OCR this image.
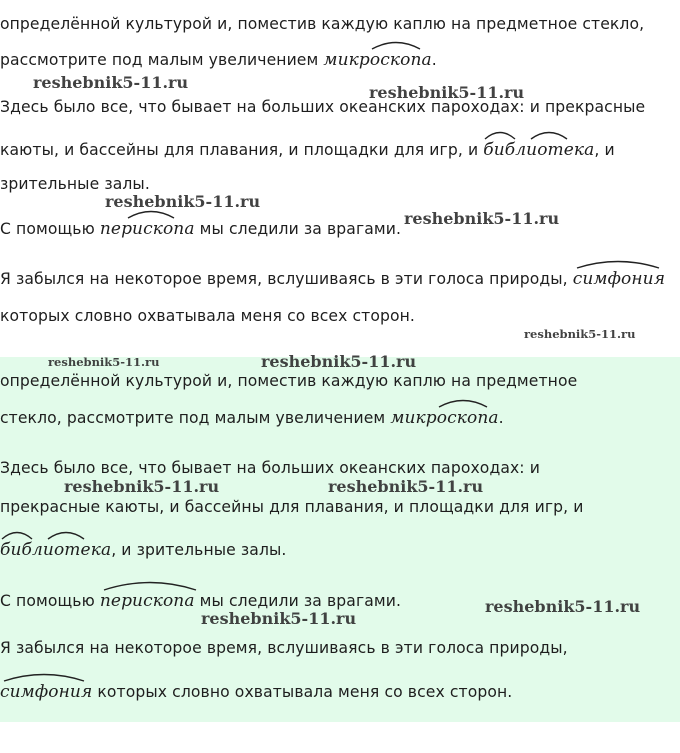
определённой культурой и, поместив каждую каплю на предметное стекло,

рассмотрите под малым увеличением микроскопа
.

Здесь было все, что бывает на больших океанских пароходах: и прекрасные

каюты, и бассейны для плавания, и площадки для игр, и библиотека
, и

зрительные залы.

С помощью перископа
мы следили за врагами.

Я забылся на некоторое время, вслушиваясь в эти голоса природы, симфония

которых словно охватывала меня со всех сторон.

определённой культурой и, поместив каждую каплю на предметное

стекло, рассмотрите под малым увеличением микроскопа
.

Здесь было все, что бывает на больших океанских пароходах: и

прекрасные каюты, и бассейны для плавания, и площадки для игр, и

библиотека
, и зрительные залы.

С помощью перископа
мы следили за врагами.

Я забылся на некоторое время, вслушиваясь в эти голоса природы,

симфония
которых словно охватывала меня со всех сторон.

reshebnik5-11.ru
reshebnik5-11.ru
reshebnik5-11.ru
reshebnik5-11.ru
reshebnik5-11.ru
reshebnik5-11.ru	reshebnik5-11.ru
reshebnik5-11.ru	reshebnik5-11.ru
reshebnik5-11.ru
reshebnik5-11.ru
